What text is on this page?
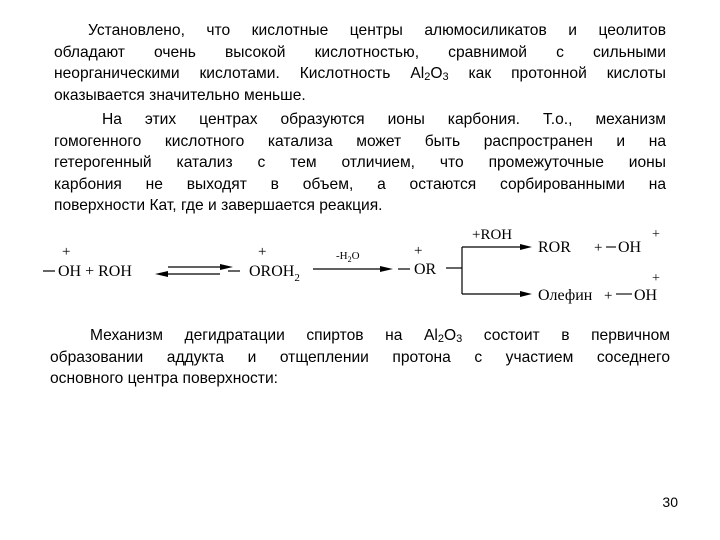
Установлено, что кислотные центры алюмосиликатов и цеолитов
обладают очень высокой кислотностью, сравнимой с сильными
неорганическими кислотами. Кислотность $Al_2O_3$ как протонной кислоты
оказывается значительно меньше.
На этих центрах образуются ионы карбония. Т.о., механизм
гомогенного кислотного катализа может быть распространен и на
гетерогенный катализ с тем отличием, что промежуточные ионы
карбония не выходят в объем, а остаются сорбированными на
поверхности Кат, где и завершается реакция.
+
OH + ROH
+
$OROH_2$
$-H_2O$	+
OR
+ROH
ROR + OH
+
Олефин + OH
+
Механизм дегидратации спиртов на $Al_2O_3$ состоит в первичном
образовании аддукта и отщеплении протона с участием соседнего
основного центра поверхности:
30
